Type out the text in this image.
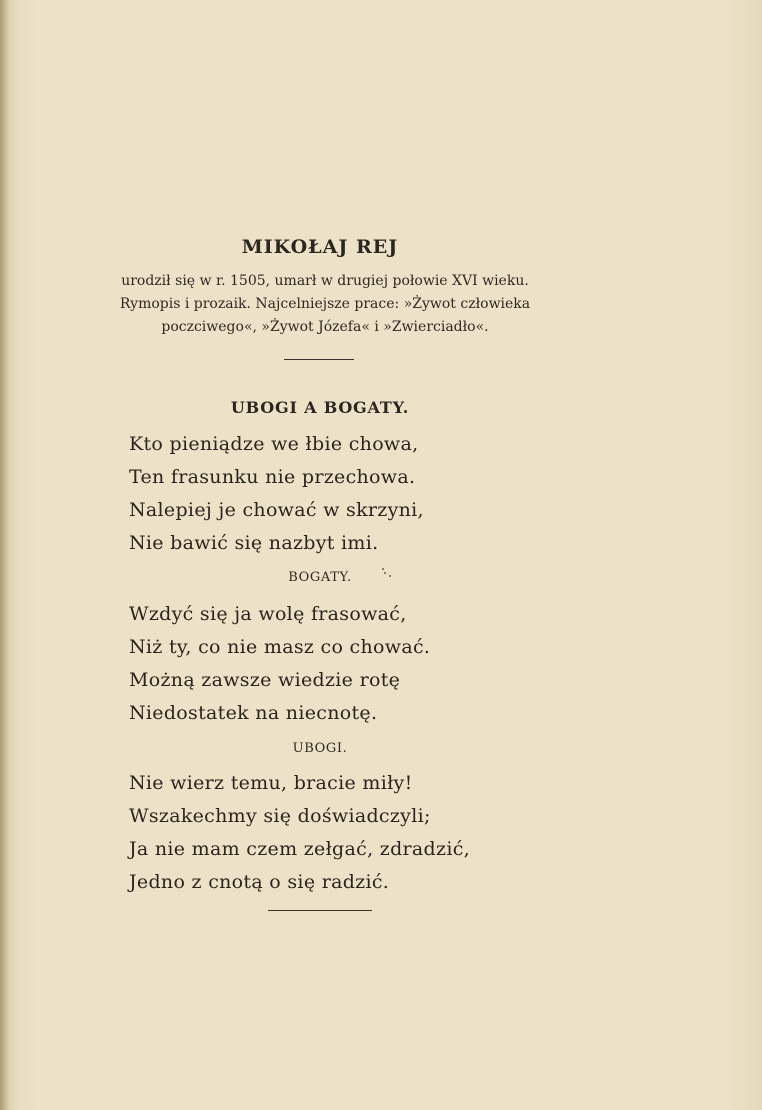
MIKOŁAJ REJ
urodził się w r. 1505, umarł w drugiej połowie XVI wieku.
Rymopis i prozaik. Najcelniejsze prace: »Żywot człowieka
poczciwego«, »Żywot Józefa« i »Zwierciadło«.
UBOGI A BOGATY.
Kto pieniądze we łbie chowa,
Ten frasunku nie przechowa.
Nalepiej je chować w skrzyni,
Nie bawić się nazbyt imi.
BOGATY.
Wzdyć się ja wolę frasować,
Niż ty, co nie masz co chować.
Możną zawsze wiedzie rotę
Niedostatek na niecnotę.
UBOGI.
Nie wierz temu, bracie miły!
Wszakechmy się doświadczyli;
Ja nie mam czem zełgać, zdradzić,
Jedno z cnotą o się radzić.
